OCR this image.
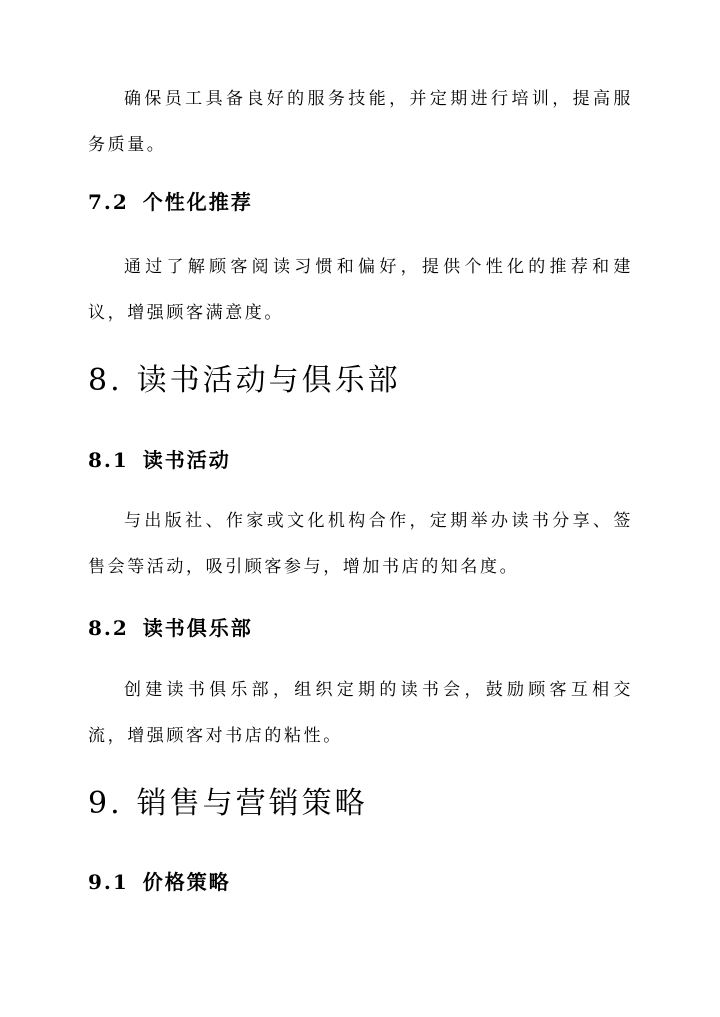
确保员工具备良好的服务技能，并定期进行培训，提高服务质量。

7.2 个性化推荐

通过了解顾客阅读习惯和偏好，提供个性化的推荐和建议，增强顾客满意度。

8. 读书活动与俱乐部
8.1 读书活动

与出版社、作家或文化机构合作，定期举办读书分享、签售会等活动，吸引顾客参与，增加书店的知名度。

8.2 读书俱乐部

创建读书俱乐部，组织定期的读书会，鼓励顾客互相交流，增强顾客对书店的粘性。

9. 销售与营销策略
9.1 价格策略
